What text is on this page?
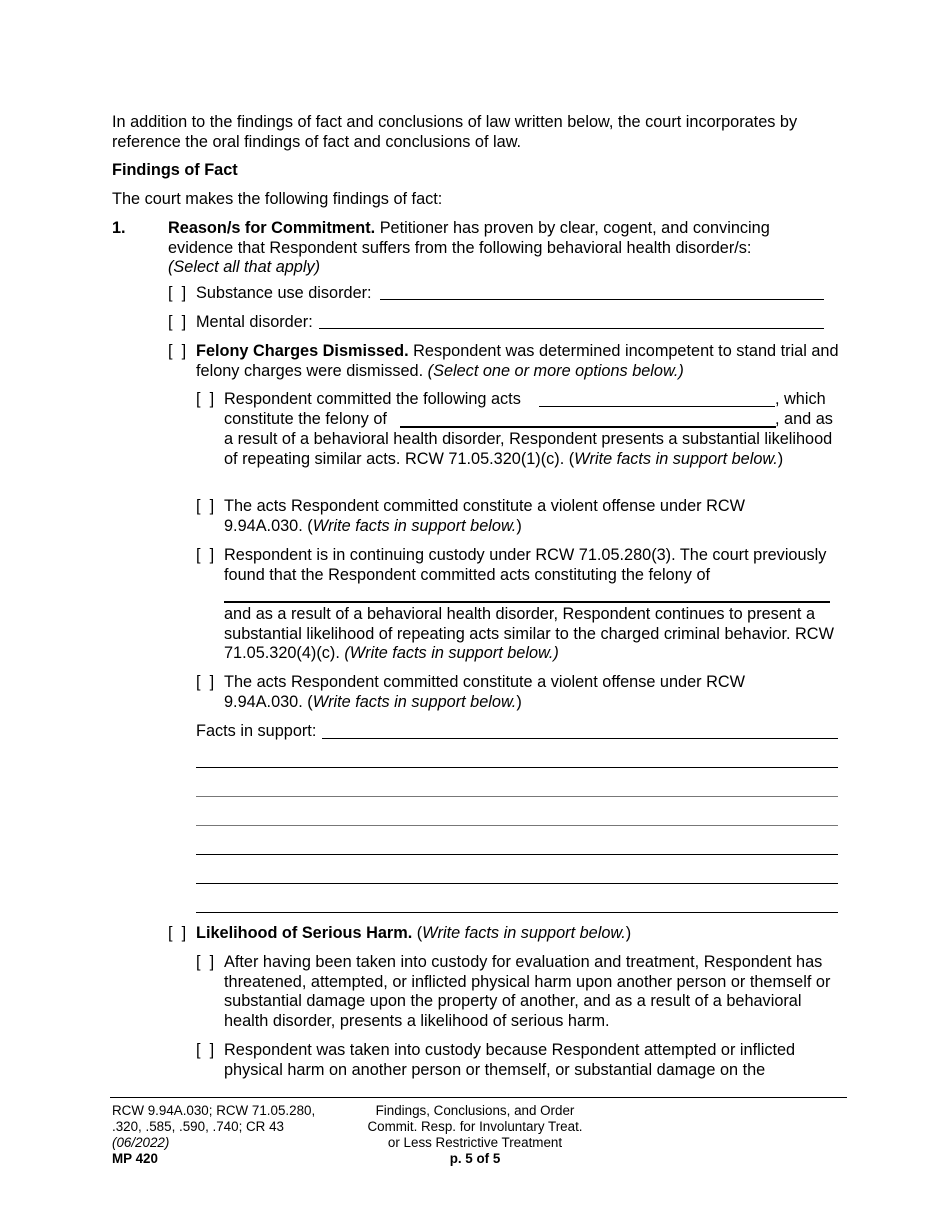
In addition to the findings of fact and conclusions of law written below, the court incorporates by reference the oral findings of fact and conclusions of law.
Findings of Fact
The court makes the following findings of fact:
1.	Reason/s for Commitment. Petitioner has proven by clear, cogent, and convincing evidence that Respondent suffers from the following behavioral health disorder/s:
(Select all that apply)
[  ] Substance use disorder:
[  ] Mental disorder:
[  ] Felony Charges Dismissed. Respondent was determined incompetent to stand trial and felony charges were dismissed. (Select one or more options below.)
[  ] Respondent committed the following acts	, which
constitute the felony of	, and as
a result of a behavioral health disorder, Respondent presents a substantial likelihood of repeating similar acts. RCW 71.05.320(1)(c). (Write facts in support below.)
[  ] The acts Respondent committed constitute a violent offense under RCW 9.94A.030. (Write facts in support below.)
[  ] Respondent is in continuing custody under RCW 71.05.280(3). The court previously found that the Respondent committed acts constituting the felony of
and as a result of a behavioral health disorder, Respondent continues to present a substantial likelihood of repeating acts similar to the charged criminal behavior. RCW 71.05.320(4)(c). (Write facts in support below.)
[  ] The acts Respondent committed constitute a violent offense under RCW 9.94A.030. (Write facts in support below.)
Facts in support:
[  ] Likelihood of Serious Harm. (Write facts in support below.)
[  ] After having been taken into custody for evaluation and treatment, Respondent has threatened, attempted, or inflicted physical harm upon another person or themself or substantial damage upon the property of another, and as a result of a behavioral health disorder, presents a likelihood of serious harm.
[  ] Respondent was taken into custody because Respondent attempted or inflicted physical harm on another person or themself, or substantial damage on the
RCW 9.94A.030; RCW 71.05.280,
.320, .585, .590, .740; CR 43
(06/2022)
MP 420
Findings, Conclusions, and Order
Commit. Resp. for Involuntary Treat.
or Less Restrictive Treatment
p. 5 of 5
